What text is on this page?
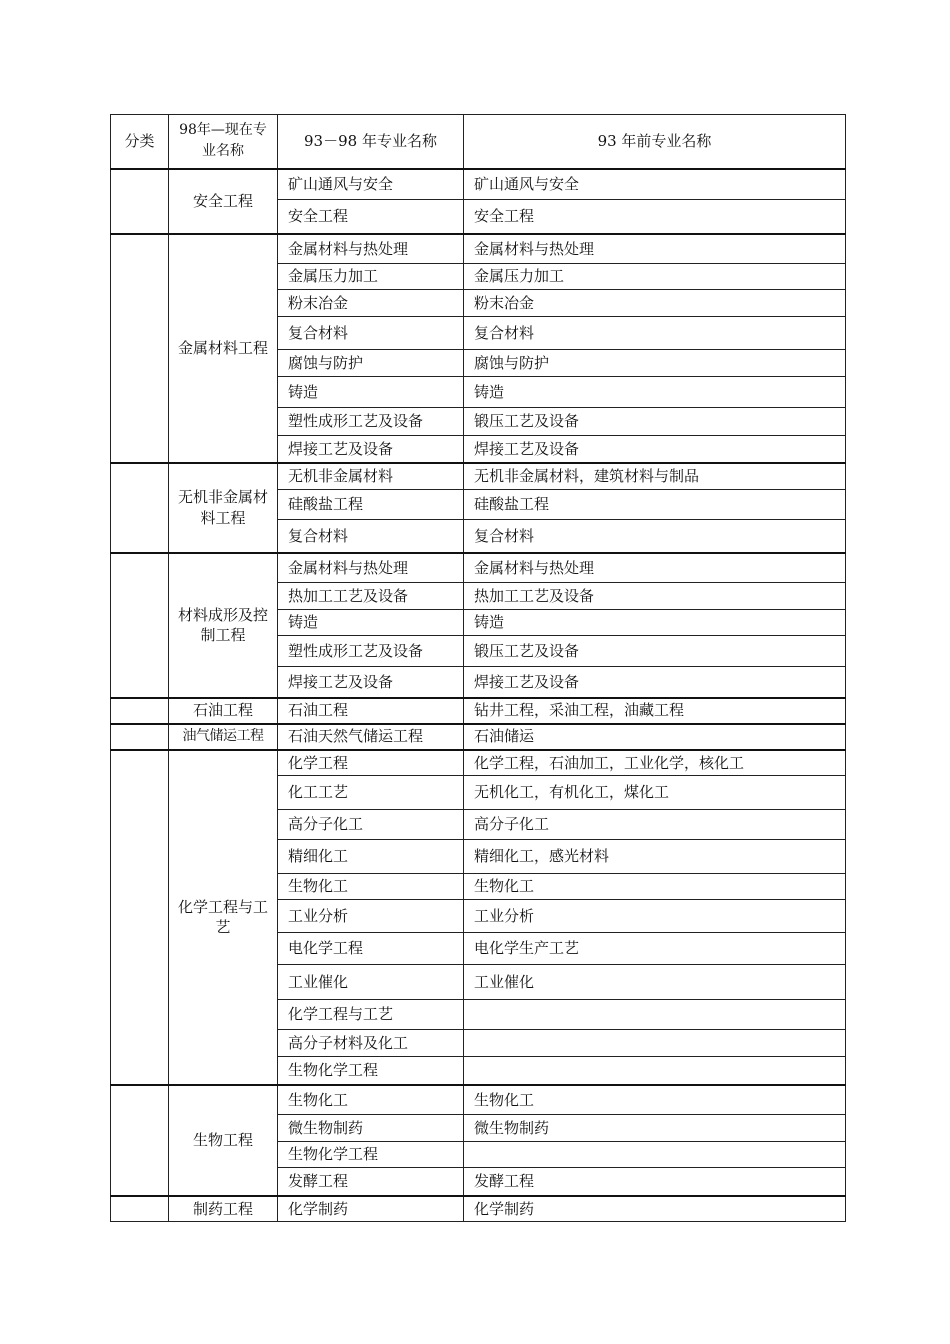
分类	98年—现在专业名称	93－98 年专业名称	93 年前专业名称
	安全工程	矿山通风与安全	矿山通风与安全
		安全工程	安全工程
	金属材料工程	金属材料与热处理	金属材料与热处理
		金属压力加工	金属压力加工
		粉末冶金	粉末冶金
		复合材料	复合材料
		腐蚀与防护	腐蚀与防护
		铸造	铸造
		塑性成形工艺及设备	锻压工艺及设备
		焊接工艺及设备	焊接工艺及设备
	无机非金属材料工程	无机非金属材料	无机非金属材料，建筑材料与制品
		硅酸盐工程	硅酸盐工程
		复合材料	复合材料
	材料成形及控制工程	金属材料与热处理	金属材料与热处理
		热加工工艺及设备	热加工工艺及设备
		铸造	铸造
		塑性成形工艺及设备	锻压工艺及设备
		焊接工艺及设备	焊接工艺及设备
	石油工程	石油工程	钻井工程，采油工程，油藏工程
	油气储运工程	石油天然气储运工程	石油储运
	化学工程与工艺	化学工程	化学工程，石油加工，工业化学，核化工
		化工工艺	无机化工，有机化工，煤化工
		高分子化工	高分子化工
		精细化工	精细化工，感光材料
		生物化工	生物化工
		工业分析	工业分析
		电化学工程	电化学生产工艺
		工业催化	工业催化
		化学工程与工艺	
		高分子材料及化工	
		生物化学工程	
	生物工程	生物化工	生物化工
		微生物制药	微生物制药
		生物化学工程	
		发酵工程	发酵工程
	制药工程	化学制药	化学制药
